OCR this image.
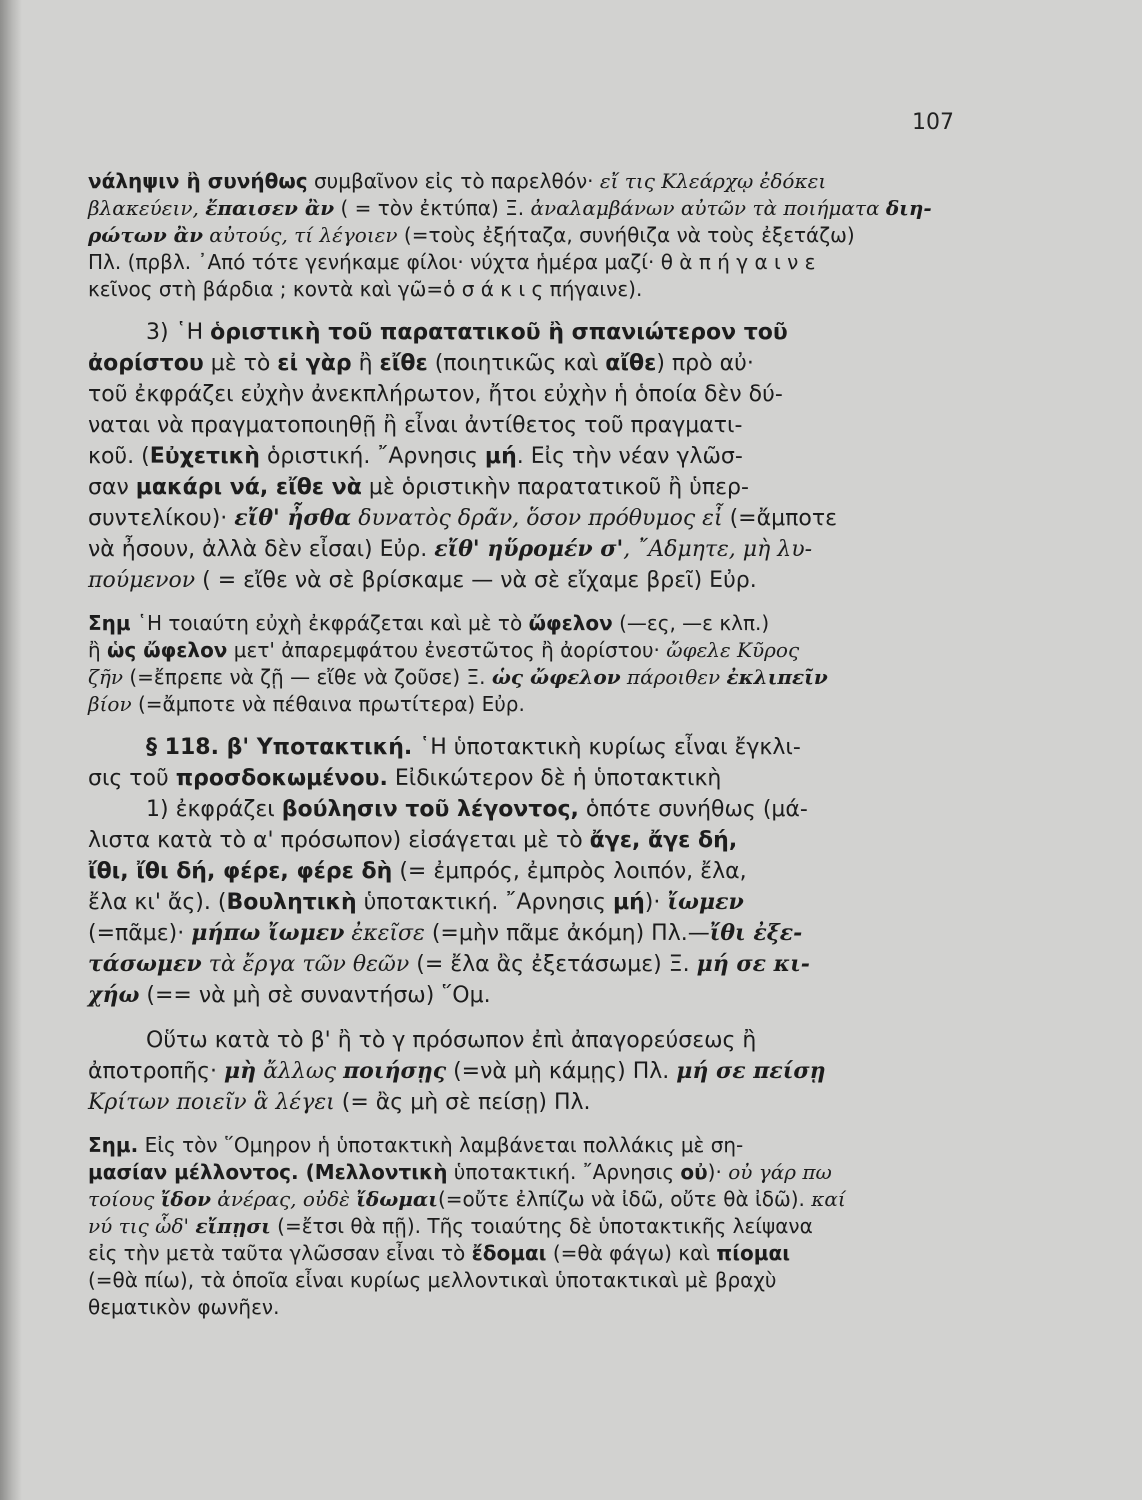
107
νάληψιν ἢ συνήθως συμβαῖνον εἰς τὸ παρελθόν· εἴ τις Κλεάρχῳ ἐδόκει
βλακεύειν, ἔπαισεν ἂν ( = τὸν ἐκτύπα) Ξ. ἀναλαμβάνων αὐτῶν τὰ ποιήματα διη-
ρώτων ἂν αὐτούς, τί λέγοιεν (=τοὺς ἐξήταζα, συνήθιζα νὰ τοὺς ἐξετάζω)
Πλ. (πρβλ. ᾿Από τότε γενήκαμε φίλοι· νύχτα ἡμέρα μαζί· θ ὰ π ή γ α ι ν ε
κεῖνος στὴ βάρδια ; κοντὰ καὶ γῶ=ὁ σ ά κ ι ς πήγαινε).
3) ῾Η ὁριστικὴ τοῦ παρατατικοῦ ἢ σπανιώτερον τοῦ
ἀορίστου μὲ τὸ εἰ γὰρ ἢ εἴθε (ποιητικῶς καὶ αἴθε) πρὸ αὐ·
τοῦ ἐκφράζει εὐχὴν ἀνεκπλήρωτον, ἤτοι εὐχὴν ἡ ὁποία δὲν δύ-
ναται νὰ πραγματοποιηθῇ ἢ εἶναι ἀντίθετος τοῦ πραγματι-
κοῦ. (Εὐχετικὴ ὁριστική. ῎Αρνησις μή. Εἰς τὴν νέαν γλῶσ-
σαν μακάρι νά, εἴθε νὰ μὲ ὁριστικὴν παρατατικοῦ ἢ ὑπερ-
συντελίκου)· εἴθ' ἦσθα δυνατὸς δρᾶν, ὅσον πρόθυμος εἶ (=ἄμποτε
νὰ ἦσουν, ἀλλὰ δὲν εἶσαι) Εὐρ. εἴθ' ηὕρομέν σ', ῎Αδμητε, μὴ λυ-
πούμενον ( = εἴθε νὰ σὲ βρίσκαμε — νὰ σὲ εἴχαμε βρεῖ) Εὐρ.
Σημ ῾Η τοιαύτη εὐχὴ ἐκφράζεται καὶ μὲ τὸ ὤφελον (—ες, —ε κλπ.)
ἢ ὡς ὤφελον μετ' ἀπαρεμφάτου ἐνεστῶτος ἢ ἀορίστου· ὤφελε Κῦρος
ζῆν (=ἔπρεπε νὰ ζῇ — εἴθε νὰ ζοῦσε) Ξ. ὡς ὤφελον πάροιθεν ἐκλιπεῖν
βίον (=ἄμποτε νὰ πέθαινα πρωτίτερα) Εὐρ.
§ 118. β' Υποτακτική. ῾Η ὑποτακτικὴ κυρίως εἶναι ἔγκλι-
σις τοῦ προσδοκωμένου. Εἰδικώτερον δὲ ἡ ὑποτακτικὴ
1) ἐκφράζει βούλησιν τοῦ λέγοντος, ὁπότε συνήθως (μά-
λιστα κατὰ τὸ α' πρόσωπον) εἰσάγεται μὲ τὸ ἄγε, ἄγε δή,
ἴθι, ἴθι δή, φέρε, φέρε δὴ (= ἐμπρός, ἐμπρὸς λοιπόν, ἔλα,
ἔλα κι' ἄς). (Βουλητικὴ ὑποτακτική. ῎Αρνησις μή)· ἴωμεν
(=πᾶμε)· μήπω ἴωμεν ἐκεῖσε (=μὴν πᾶμε ἀκόμη) Πλ.—ἴθι ἐξε-
τάσωμεν τὰ ἔργα τῶν θεῶν (= ἔλα ἂς ἐξετάσωμε) Ξ. μή σε κι-
χήω (== νὰ μὴ σὲ συναντήσω) ῞Ομ.
Οὕτω κατὰ τὸ β' ἢ τὸ γ πρόσωπον ἐπὶ ἀπαγορεύσεως ἢ
ἀποτροπῆς· μὴ ἄλλως ποιήσῃς (=νὰ μὴ κάμῃς) Πλ. μή σε πείσῃ
Κρίτων ποιεῖν ἃ λέγει (= ἂς μὴ σὲ πείσῃ) Πλ.
Σημ. Εἰς τὸν ῞Ομηρον ἡ ὑποτακτικὴ λαμβάνεται πολλάκις μὲ ση-
μασίαν μέλλοντος. (Μελλοντικὴ ὑποτακτική. ῎Αρνησις οὐ)· οὐ γάρ πω
τοίους ἴδον ἀνέρας, οὐδὲ ἴδωμαι(=οὔτε ἐλπίζω νὰ ἰδῶ, οὔτε θὰ ἰδῶ). καί
νύ τις ὧδ' εἴπῃσι (=ἔτσι θὰ πῇ). Τῆς τοιαύτης δὲ ὑποτακτικῆς λείψανα
εἰς τὴν μετὰ ταῦτα γλῶσσαν εἶναι τὸ ἔδομαι (=θὰ φάγω) καὶ πίομαι
(=θὰ πίω), τὰ ὁποῖα εἶναι κυρίως μελλοντικαὶ ὑποτακτικαὶ μὲ βραχὺ
θεματικὸν φωνῆεν.
